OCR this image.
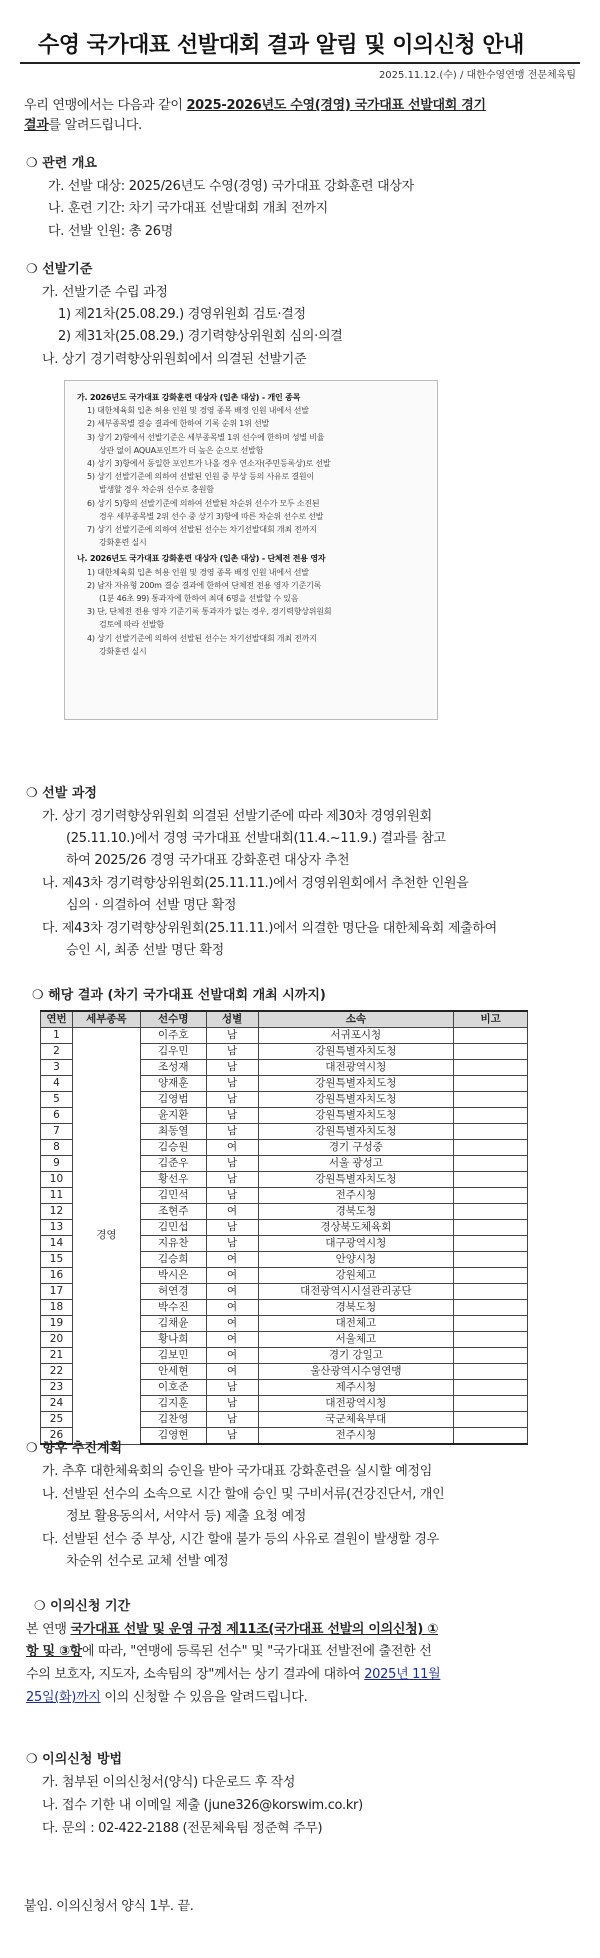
수영 국가대표 선발대회 결과 알림 및 이의신청 안내
2025.11.12.(수) / 대한수영연맹 전문체육팀
우리 연맹에서는 다음과 같이 2025-2026년도 수영(경영) 국가대표 선발대회 경기
결과를 알려드립니다.
❍ 관련 개요
가. 선발 대상: 2025/26년도 수영(경영) 국가대표 강화훈련 대상자
나. 훈련 기간: 차기 국가대표 선발대회 개최 전까지
다. 선발 인원: 총 26명
❍ 선발기준
가. 선발기준 수립 과정
1) 제21차(25.08.29.) 경영위원회 검토·결정
2) 제31차(25.08.29.) 경기력향상위원회 심의·의결
나. 상기 경기력향상위원회에서 의결된 선발기준
가. 2026년도 국가대표 강화훈련 대상자 (입촌 대상) - 개인 종목
1) 대한체육회 입촌 허용 인원 및 경영 종목 배정 인원 내에서 선발
2) 세부종목별 결승 결과에 한하여 기록 순위 1위 선발
3) 상기 2)항에서 선발기준은 세부종목별 1위 선수에 한하며 성별 비율
상관 없이 AQUA포인트가 더 높은 순으로 선발함
4) 상기 3)항에서 동일한 포인트가 나올 경우 연소자(주민등록상)로 선발
5) 상기 선발기준에 의하여 선발된 인원 중 부상 등의 사유로 결원이
발생할 경우 차순위 선수로 충원함
6) 상기 5)항의 선발기준에 의하여 선발된 차순위 선수가 모두 소진된
경우 세부종목별 2위 선수 중 상기 3)항에 따른 차순위 선수로 선발
7) 상기 선발기준에 의하여 선발된 선수는 차기선발대회 개최 전까지
강화훈련 실시
나. 2026년도 국가대표 강화훈련 대상자 (입촌 대상) - 단체전 전용 영자
1) 대한체육회 입촌 허용 인원 및 경영 종목 배정 인원 내에서 선발
2) 남자 자유형 200m 결승 결과에 한하여 단체전 전용 영자 기준기록
(1분 46초 99) 통과자에 한하여 최대 6명을 선발할 수 있음
3) 단, 단체전 전용 영자 기준기록 통과자가 없는 경우, 경기력향상위원회
검토에 따라 선발함
4) 상기 선발기준에 의하여 선발된 선수는 차기선발대회 개최 전까지
강화훈련 실시
❍ 선발 과정
가. 상기 경기력향상위원회 의결된 선발기준에 따라 제30차 경영위원회
(25.11.10.)에서 경영 국가대표 선발대회(11.4.~11.9.) 결과를 참고
하여 2025/26 경영 국가대표 강화훈련 대상자 추천
나. 제43차 경기력향상위원회(25.11.11.)에서 경영위원회에서 추천한 인원을
심의 · 의결하여 선발 명단 확정
다. 제43차 경기력향상위원회(25.11.11.)에서 의결한 명단을 대한체육회 제출하여
승인 시, 최종 선발 명단 확정
❍ 해당 결과 (차기 국가대표 선발대회 개최 시까지)
연번	세부종목	선수명	성별	소속	비고
1	경영	이주호	남	서귀포시청	
2		김우민	남	강원특별자치도청	
3		조성재	남	대전광역시청	
4		양재훈	남	강원특별자치도청	
5		김영범	남	강원특별자치도청	
6		윤지환	남	강원특별자치도청	
7		최동열	남	강원특별자치도청	
8		김승원	여	경기 구성중	
9		김준우	남	서울 광성고	
10		황선우	남	강원특별자치도청	
11		김민석	남	전주시청	
12		조현주	여	경북도청	
13		김민섭	남	경상북도체육회	
14		지유찬	남	대구광역시청	
15		김승희	여	안양시청	
16		박시은	여	강원체고	
17		허연경	여	대전광역시시설관리공단	
18		박수진	여	경북도청	
19		김채윤	여	대전체고	
20		황나희	여	서울체고	
21		김보민	여	경기 강일고	
22		안세현	여	울산광역시수영연맹	
23		이호준	남	제주시청	
24		김지훈	남	대전광역시청	
25		김찬영	남	국군체육부대	
26		김영현	남	전주시청	
❍ 향후 추진계획
가. 추후 대한체육회의 승인을 받아 국가대표 강화훈련을 실시할 예정임
나. 선발된 선수의 소속으로 시간 할애 승인 및 구비서류(건강진단서, 개인
정보 활용동의서, 서약서 등) 제출 요청 예정
다. 선발된 선수 중 부상, 시간 할애 불가 등의 사유로 결원이 발생할 경우
차순위 선수로 교체 선발 예정
❍ 이의신청 기간
본 연맹 국가대표 선발 및 운영 규정 제11조(국가대표 선발의 이의신청) ①
항 및 ③항에 따라, "연맹에 등록된 선수" 및 "국가대표 선발전에 출전한 선
수의 보호자, 지도자, 소속팀의 장"께서는 상기 결과에 대하여 2025년 11월
25일(화)까지 이의 신청할 수 있음을 알려드립니다.
❍ 이의신청 방법
가. 첨부된 이의신청서(양식) 다운로드 후 작성
나. 접수 기한 내 이메일 제출 (june326@korswim.co.kr)
다. 문의 : 02-422-2188 (전문체육팀 정준혁 주무)
붙임. 이의신청서 양식 1부. 끝.
